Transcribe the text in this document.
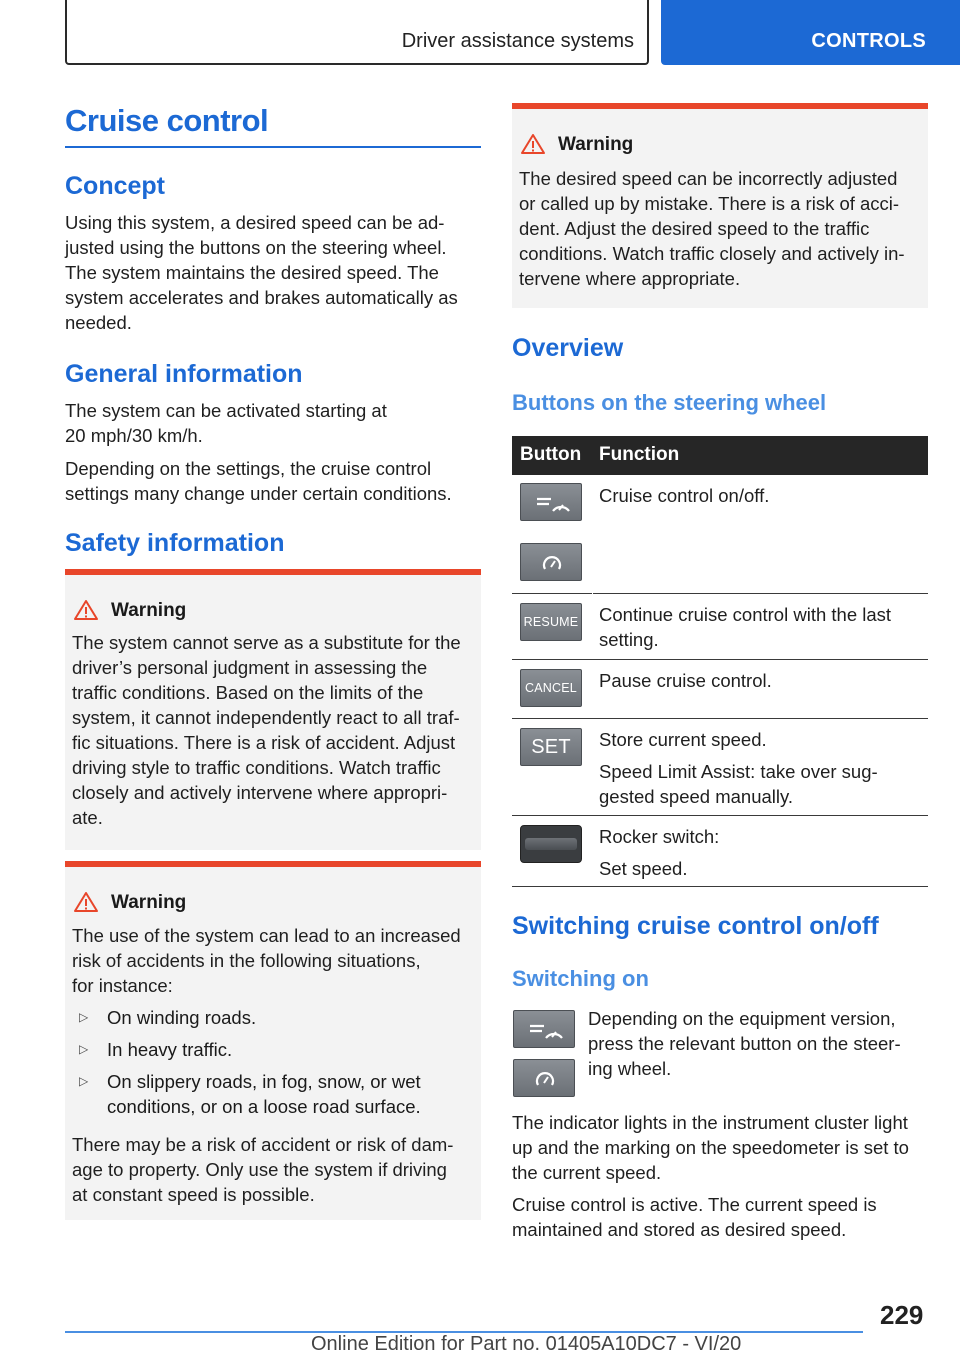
Driver assistance systems	CONTROLS
Cruise control
Concept
Using this system, a desired speed can be ad‐
justed using the buttons on the steering wheel.
The system maintains the desired speed. The
system accelerates and brakes automatically as
needed.
General information
The system can be activated starting at
20 mph/30 km/h.
Depending on the settings, the cruise control
settings many change under certain conditions.
Safety information
Warning
The system cannot serve as a substitute for the
driver’s personal judgment in assessing the
traffic conditions. Based on the limits of the
system, it cannot independently react to all traf‐
fic situations. There is a risk of accident. Adjust
driving style to traffic conditions. Watch traffic
closely and actively intervene where appropri‐
ate.
Warning
The use of the system can lead to an increased
risk of accidents in the following situations,
for instance:
▷ On winding roads.
▷ In heavy traffic.
▷ On slippery roads, in fog, snow, or wet
conditions, or on a loose road surface.
There may be a risk of accident or risk of dam‐
age to property. Only use the system if driving
at constant speed is possible.
Warning
The desired speed can be incorrectly adjusted
or called up by mistake. There is a risk of acci‐
dent. Adjust the desired speed to the traffic
conditions. Watch traffic closely and actively in‐
tervene where appropriate.
Overview
Buttons on the steering wheel
Button Function
Cruise control on/off.
RESUME Continue cruise control with the last
setting.
CANCEL Pause cruise control.
SET	Store current speed.
Speed Limit Assist: take over sug‐
gested speed manually.
Rocker switch:
Set speed.
Switching cruise control on/off
Switching on
Depending on the equipment version,
press the relevant button on the steer‐
ing wheel.
The indicator lights in the instrument cluster light
up and the marking on the speedometer is set to
the current speed.
Cruise control is active. The current speed is
maintained and stored as desired speed.
229
Online Edition for Part no. 01405A10DC7 - VI/20
